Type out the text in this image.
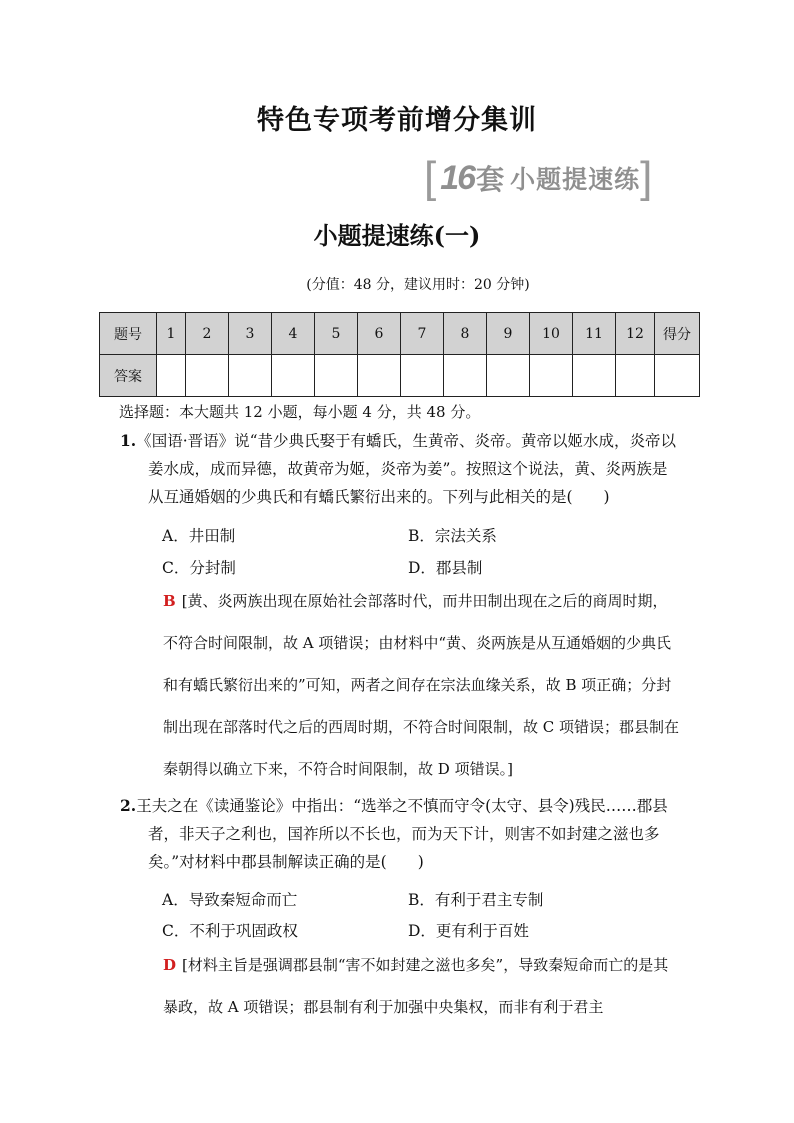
特色专项考前增分集训
[ 16 套 小题提速练 ]
小题提速练(一)
(分值：48 分，建议用时：20 分钟)
题号	1	2	3	4	5	6	7	8	9	10	11	12	得分
答案													
选择题：本大题共 12 小题，每小题 4 分，共 48 分。
1.《国语·晋语》说“昔少典氏娶于有蟜氏，生黄帝、炎帝。黄帝以姬水成，炎帝以姜水成，成而异德，故黄帝为姬，炎帝为姜”。按照这个说法，黄、炎两族是从互通婚姻的少典氏和有蟜氏繁衍出来的。下列与此相关的是(　　)
A．井田制	B．宗法关系
C．分封制	D．郡县制
B [黄、炎两族出现在原始社会部落时代，而井田制出现在之后的商周时期，不符合时间限制，故 A 项错误；由材料中“黄、炎两族是从互通婚姻的少典氏和有蟜氏繁衍出来的”可知，两者之间存在宗法血缘关系，故 B 项正确；分封制出现在部落时代之后的西周时期，不符合时间限制，故 C 项错误；郡县制在秦朝得以确立下来，不符合时间限制，故 D 项错误。]
2.王夫之在《读通鉴论》中指出：“选举之不慎而守令(太守、县令)残民……郡县者，非天子之利也，国祚所以不长也，而为天下计，则害不如封建之滋也多矣。”对材料中郡县制解读正确的是(　　)
A．导致秦短命而亡	B．有利于君主专制
C．不利于巩固政权	D．更有利于百姓
D [材料主旨是强调郡县制“害不如封建之滋也多矣”，导致秦短命而亡的是其暴政，故 A 项错误；郡县制有利于加强中央集权，而非有利于君主
